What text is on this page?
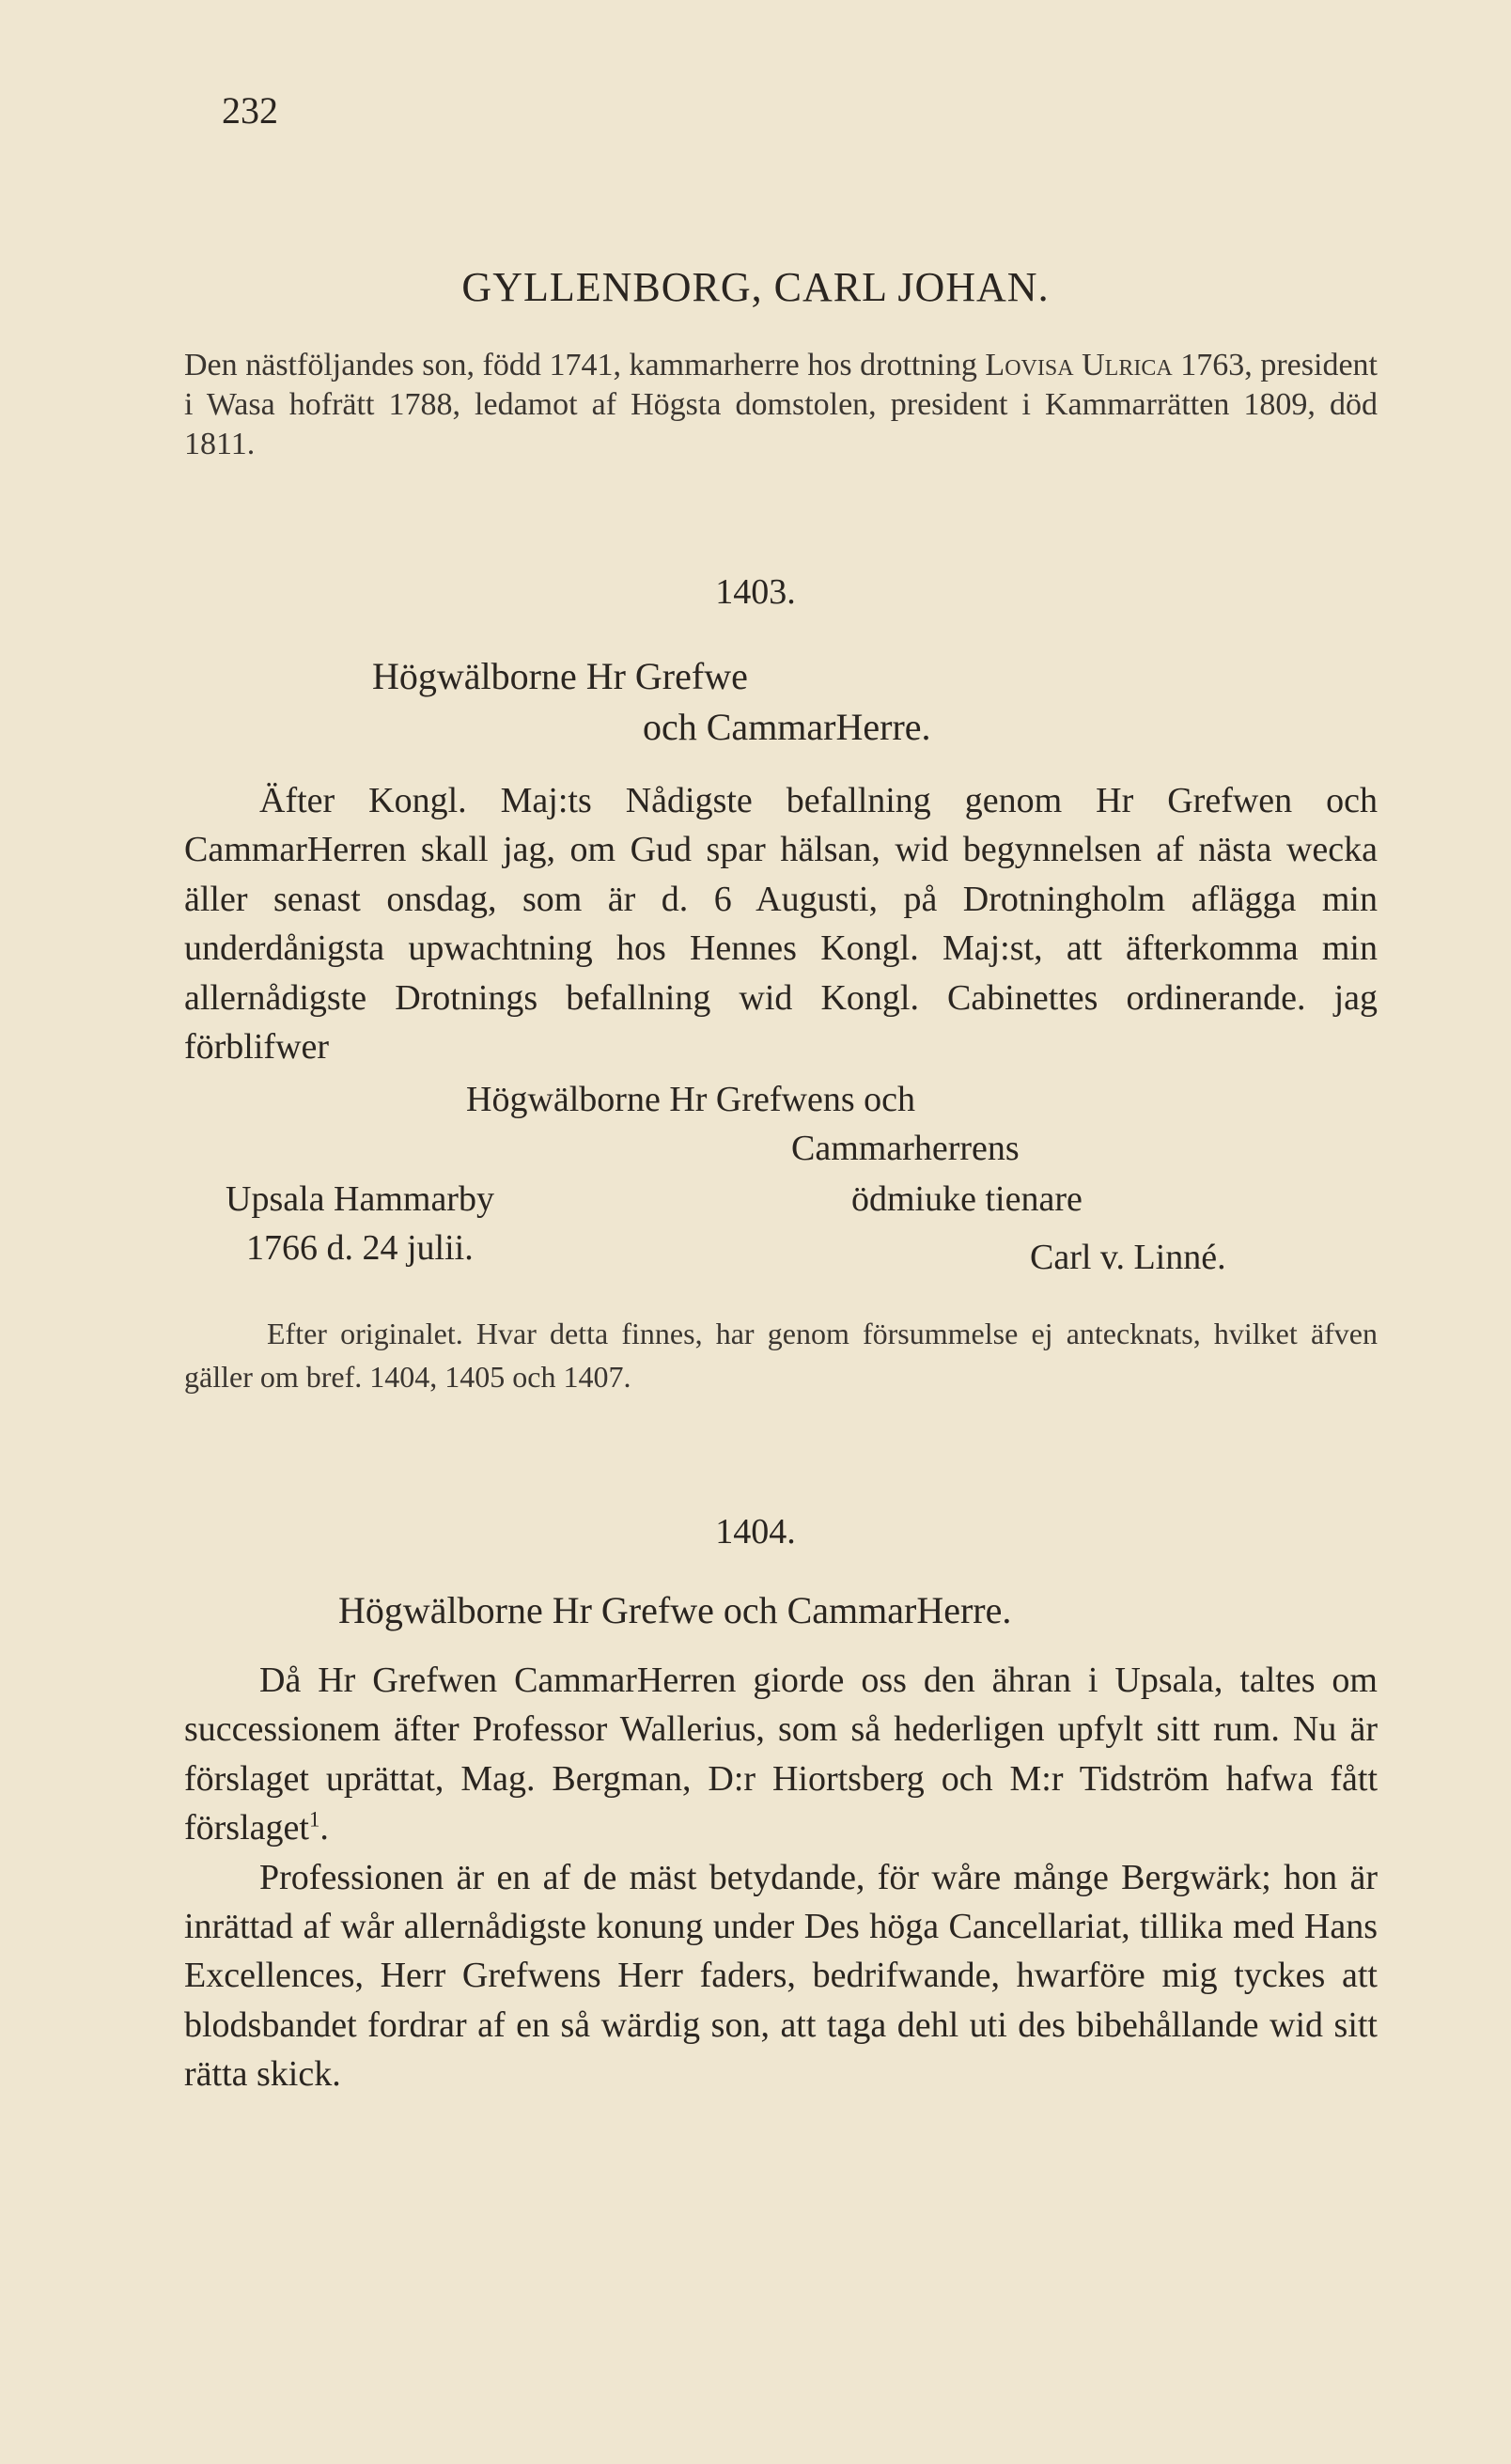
232
GYLLENBORG, CARL JOHAN.

Den nästföljandes son, född 1741, kammarherre hos drottning Lovisa Ulrica 1763, president i Wasa hofrätt 1788, ledamot af Högsta domstolen, president i Kammarrätten 1809, död 1811.

1403.
Högwälborne Hr Grefwe
och CammarHerre.

Äfter Kongl. Maj:ts Nådigste befallning genom Hr Grefwen och CammarHerren skall jag, om Gud spar hälsan, wid begynnelsen af nästa wecka äller senast onsdag, som är d. 6 Augusti, på Drotningholm aflägga min underdånigsta upwachtning hos Hennes Kongl. Maj:st, att äfterkomma min allernådigste Drotnings befallning wid Kongl. Cabinettes ordinerande. jag förblifwer

Högwälborne Hr Grefwens och
Cammarherrens
Upsala Hammarby	ödmiuke tienare
1766 d. 24 julii.	Carl v. Linné.

Efter originalet. Hvar detta finnes, har genom försummelse ej antecknats, hvilket äfven gäller om bref. 1404, 1405 och 1407.

1404.
Högwälborne Hr Grefwe och CammarHerre.

Då Hr Grefwen CammarHerren giorde oss den ähran i Upsala, taltes om successionem äfter Professor Wallerius, som så hederligen upfylt sitt rum. Nu är förslaget uprättat, Mag. Bergman, D:r Hiortsberg och M:r Tidström hafwa fått förslaget$^1$.

Professionen är en af de mäst betydande, för wåre månge Bergwärk; hon är inrättad af wår allernådigste konung under Des höga Cancellariat, tillika med Hans Excellences, Herr Grefwens Herr faders, bedrifwande, hwarföre mig tyckes att blodsbandet fordrar af en så wärdig son, att taga dehl uti des bibehållande wid sitt rätta skick.
